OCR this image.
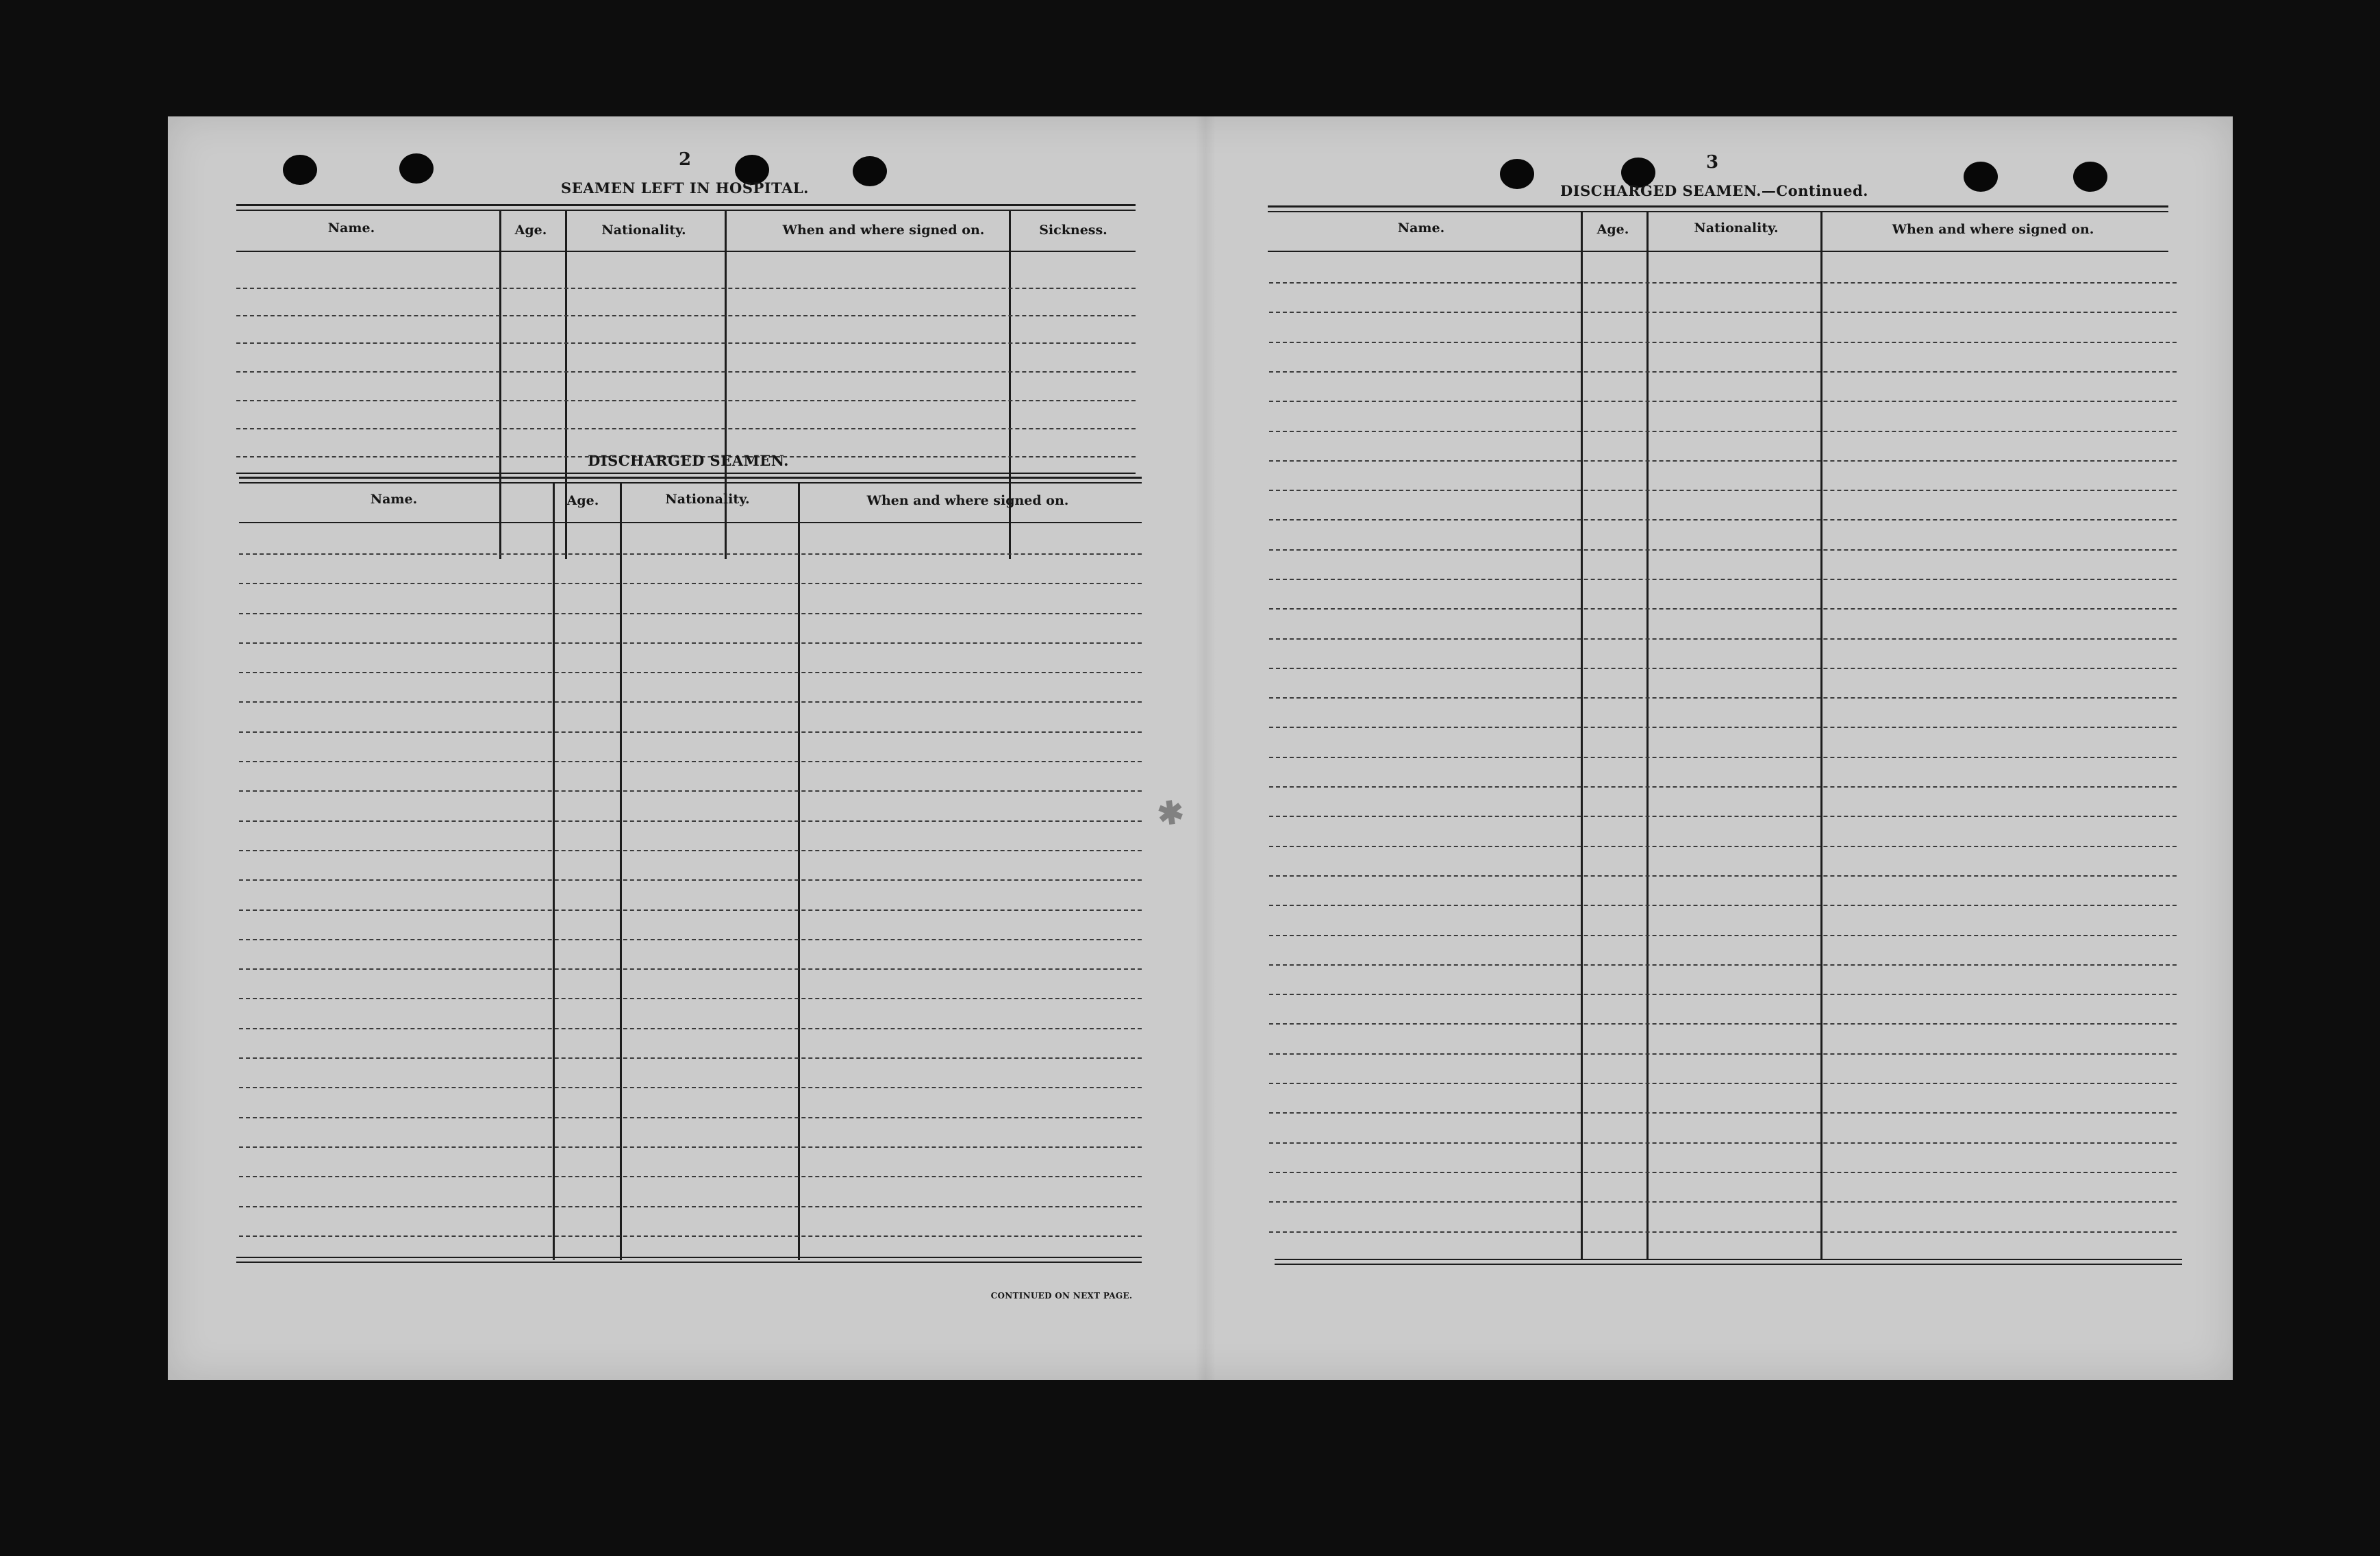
✱
2
SEAMEN LEFT IN HOSPITAL.
Name.	Age.	Nationality.	When and where signed on.	Sickness.
DISCHARGED SEAMEN.
Name.	Age.	Nationality.	When and where signed on.
CONTINUED ON NEXT PAGE.
3
DISCHARGED SEAMEN.—Continued.
Name.	Age.	Nationality.	When and where signed on.
